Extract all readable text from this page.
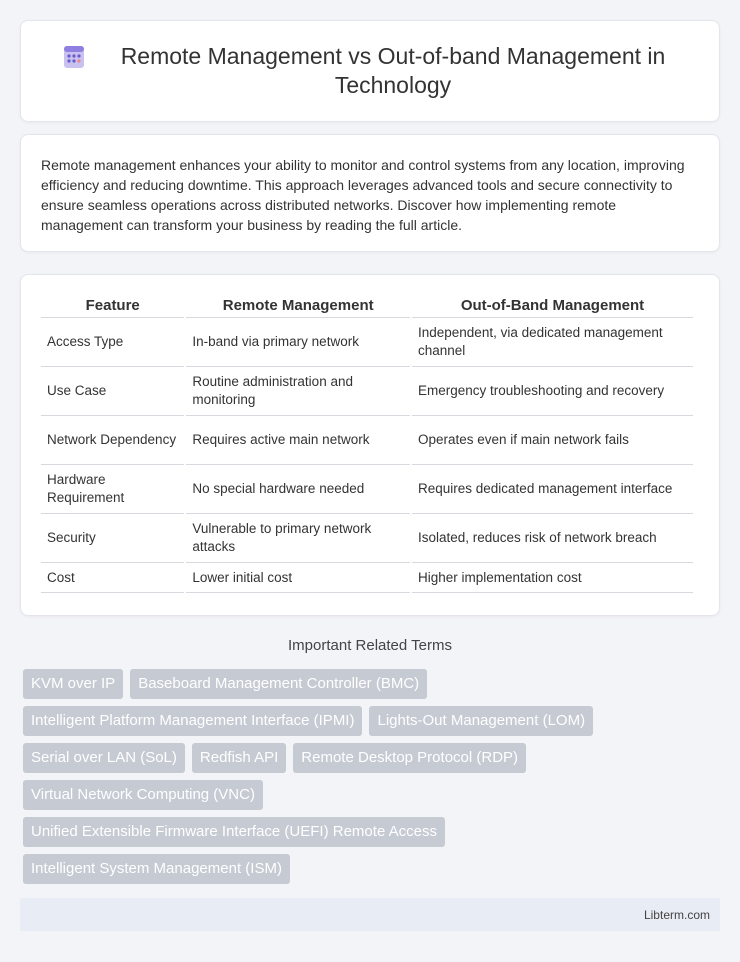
Remote Management vs Out-of-band Management in Technology

Remote management enhances your ability to monitor and control systems from any location, improving efficiency and reducing downtime. This approach leverages advanced tools and secure connectivity to ensure seamless operations across distributed networks. Discover how implementing remote management can transform your business by reading the full article.

Feature	Remote Management	Out-of-Band Management
Access Type	In-band via primary network	Independent, via dedicated management channel
Use Case	Routine administration and monitoring	Emergency troubleshooting and recovery
Network Dependency	Requires active main network	Operates even if main network fails
Hardware Requirement	No special hardware needed	Requires dedicated management interface
Security	Vulnerable to primary network attacks	Isolated, reduces risk of network breach
Cost	Lower initial cost	Higher implementation cost
Important Related Terms
KVM over IP	Baseboard Management Controller (BMC)
Intelligent Platform Management Interface (IPMI)	Lights-Out Management (LOM)
Serial over LAN (SoL)	Redfish API	Remote Desktop Protocol (RDP)
Virtual Network Computing (VNC)
Unified Extensible Firmware Interface (UEFI) Remote Access
Intelligent System Management (ISM)
Libterm.com
